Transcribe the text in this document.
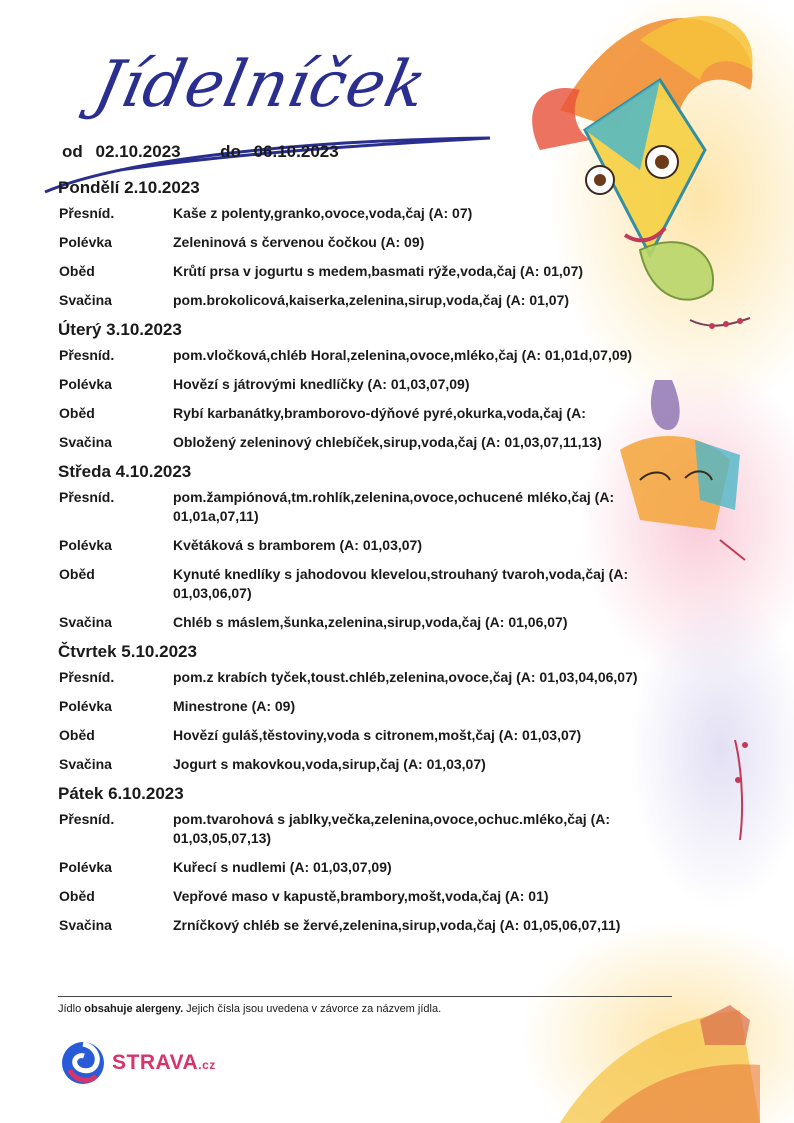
Jídelníček
od 02.10.2023 do 06.10.2023
Pondělí 2.10.2023
Přesníd.	Kaše z polenty,granko,ovoce,voda,čaj (A: 07)
Polévka	Zeleninová s červenou čočkou (A: 09)
Oběd	Krůtí prsa v jogurtu s medem,basmati rýže,voda,čaj (A: 01,07)
Svačina	pom.brokolicová,kaiserka,zelenina,sirup,voda,čaj (A: 01,07)
Úterý 3.10.2023
Přesníd.	pom.vločková,chléb Horal,zelenina,ovoce,mléko,čaj (A: 01,01d,07,09)
Polévka	Hovězí s játrovými knedlíčky (A: 01,03,07,09)
Oběd	Rybí karbanátky,bramborovo-dýňové pyré,okurka,voda,čaj (A:
Svačina	Obložený zeleninový chlebíček,sirup,voda,čaj (A: 01,03,07,11,13)
Středa 4.10.2023
Přesníd.	pom.žampiónová,tm.rohlík,zelenina,ovoce,ochucené mléko,čaj (A: 01,01a,07,11)
Polévka	Květáková s bramborem (A: 01,03,07)
Oběd	Kynuté knedlíky s jahodovou klevelou,strouhaný tvaroh,voda,čaj (A: 01,03,06,07)
Svačina	Chléb s máslem,šunka,zelenina,sirup,voda,čaj (A: 01,06,07)
Čtvrtek 5.10.2023
Přesníd.	pom.z krabích tyček,toust.chléb,zelenina,ovoce,čaj (A: 01,03,04,06,07)
Polévka	Minestrone (A: 09)
Oběd	Hovězí guláš,těstoviny,voda s citronem,mošt,čaj (A: 01,03,07)
Svačina	Jogurt s makovkou,voda,sirup,čaj (A: 01,03,07)
Pátek 6.10.2023
Přesníd.	pom.tvarohová s jablky,večka,zelenina,ovoce,ochuc.mléko,čaj (A: 01,03,05,07,13)
Polévka	Kuřecí s nudlemi (A: 01,03,07,09)
Oběd	Vepřové maso v kapustě,brambory,mošt,voda,čaj (A: 01)
Svačina	Zrníčkový chléb se žervé,zelenina,sirup,voda,čaj (A: 01,05,06,07,11)
Jídlo obsahuje alergeny. Jejich čísla jsou uvedena v závorce za názvem jídla.
STRAVA.cz
